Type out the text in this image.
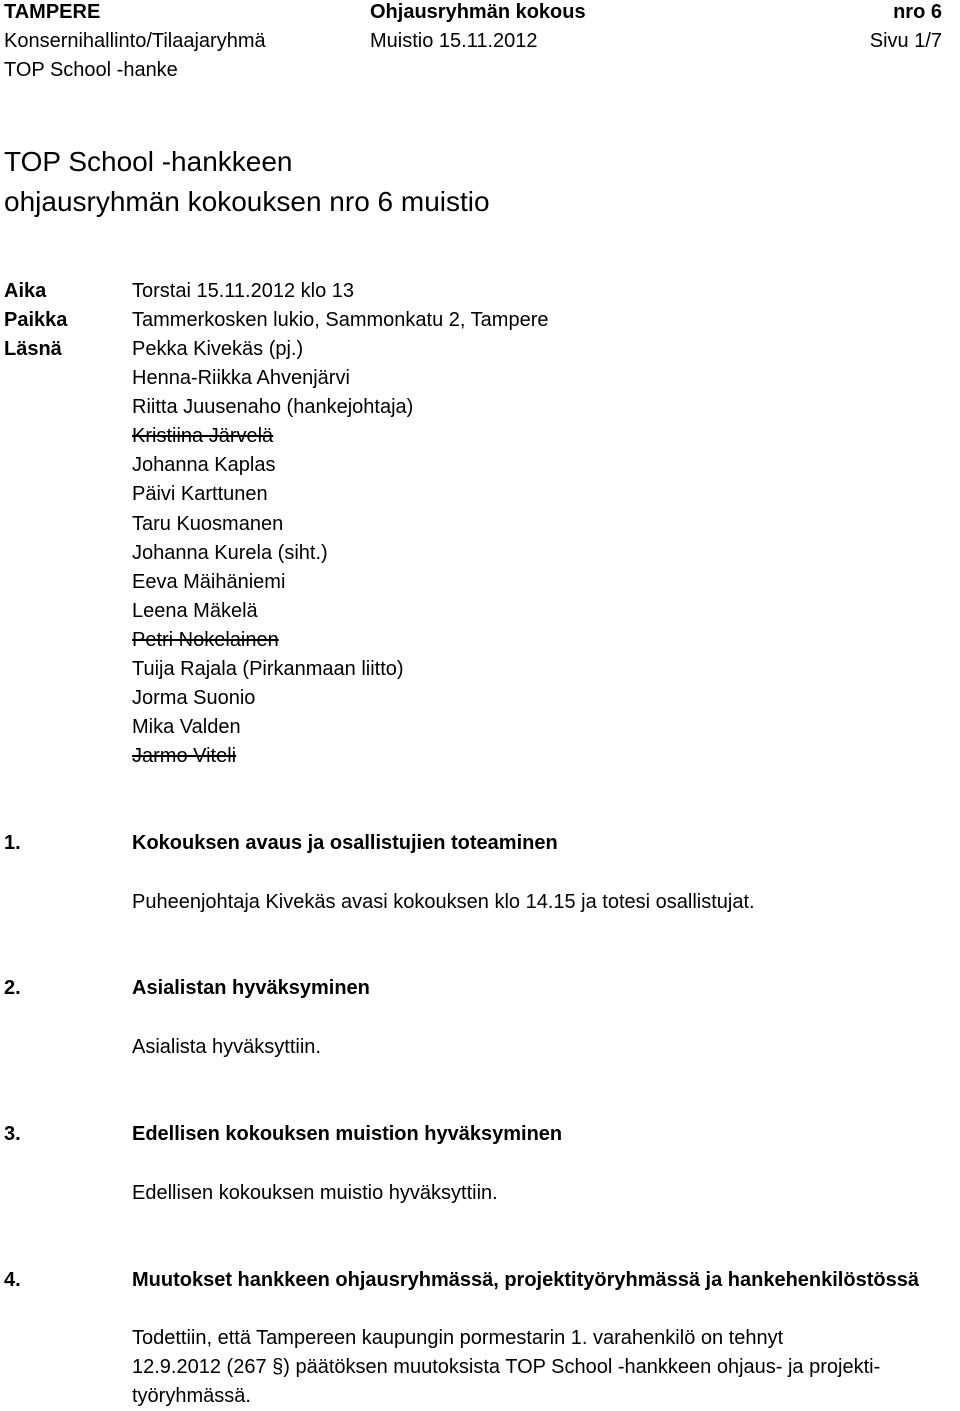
TAMPERE
Konsernihallinto/Tilaajaryhmä
TOP School -hanke
Ohjausryhmän kokous
Muistio 15.11.2012
nro 6
Sivu 1/7
TOP School -hankkeen
ohjausryhmän kokouksen nro 6 muistio
Aika	Torstai 15.11.2012 klo 13
Paikka	Tammerkosken lukio, Sammonkatu 2, Tampere
Läsnä	Pekka Kivekäs (pj.)
Henna-Riikka Ahvenjärvi
Riitta Juusenaho (hankejohtaja)
Kristiina Järvelä
Johanna Kaplas
Päivi Karttunen
Taru Kuosmanen
Johanna Kurela (siht.)
Eeva Mäihäniemi
Leena Mäkelä
Petri Nokelainen
Tuija Rajala (Pirkanmaan liitto)
Jorma Suonio
Mika Valden
Jarmo Viteli
1.	Kokouksen avaus ja osallistujien toteaminen
Puheenjohtaja Kivekäs avasi kokouksen klo 14.15 ja totesi osallistujat.
2.	Asialistan hyväksyminen
Asialista hyväksyttiin.
3.	Edellisen kokouksen muistion hyväksyminen
Edellisen kokouksen muistio hyväksyttiin.
4.	Muutokset hankkeen ohjausryhmässä, projektityöryhmässä ja hankehenkilöstössä
Todettiin, että Tampereen kaupungin pormestarin 1. varahenkilö on tehnyt
12.9.2012 (267 §) päätöksen muutoksista TOP School -hankkeen ohjaus- ja projekti-
työryhmässä.
